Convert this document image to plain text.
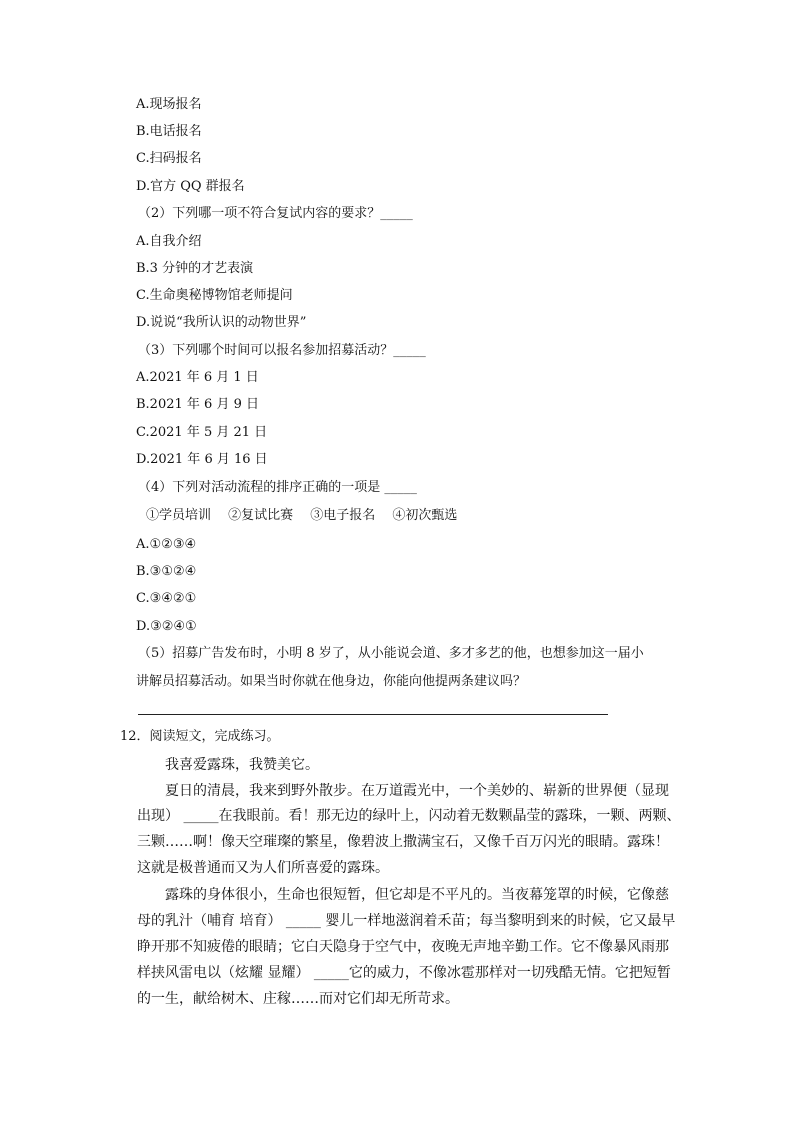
A.现场报名
B.电话报名
C.扫码报名
D.官方 QQ 群报名
（2）下列哪一项不符合复试内容的要求？_____
A.自我介绍
B.3 分钟的才艺表演
C.生命奥秘博物馆老师提问
D.说说“我所认识的动物世界”
（3）下列哪个时间可以报名参加招募活动？_____
A.2021 年 6 月 1 日
B.2021 年 6 月 9 日
C.2021 年 5 月 21 日
D.2021 年 6 月 16 日
（4）下列对活动流程的排序正确的一项是 _____
①学员培训　 ②复试比赛　 ③电子报名　 ④初次甄选
A.①②③④
B.③①②④
C.③④②①
D.③②④①
（5）招募广告发布时，小明 8 岁了，从小能说会道、多才多艺的他，也想参加这一届小
讲解员招募活动。如果当时你就在他身边，你能向他提两条建议吗？
12．阅读短文，完成练习。
我喜爱露珠，我赞美它。
夏日的清晨，我来到野外散步。在万道霞光中，一个美妙的、崭新的世界便（显现
出现） _____在我眼前。看！那无边的绿叶上，闪动着无数颗晶莹的露珠，一颗、两颗、
三颗……啊！像天空璀璨的繁星，像碧波上撒满宝石，又像千百万闪光的眼睛。露珠！
这就是极普通而又为人们所喜爱的露珠。
露珠的身体很小，生命也很短暂，但它却是不平凡的。当夜幕笼罩的时候，它像慈
母的乳汁（哺育 培育） _____ 婴儿一样地滋润着禾苗；每当黎明到来的时候，它又最早
睁开那不知疲倦的眼睛；它白天隐身于空气中，夜晚无声地辛勤工作。它不像暴风雨那
样挟风雷电以（炫耀 显耀） _____它的威力，不像冰雹那样对一切残酷无情。它把短暂
的一生，献给树木、庄稼……而对它们却无所苛求。
